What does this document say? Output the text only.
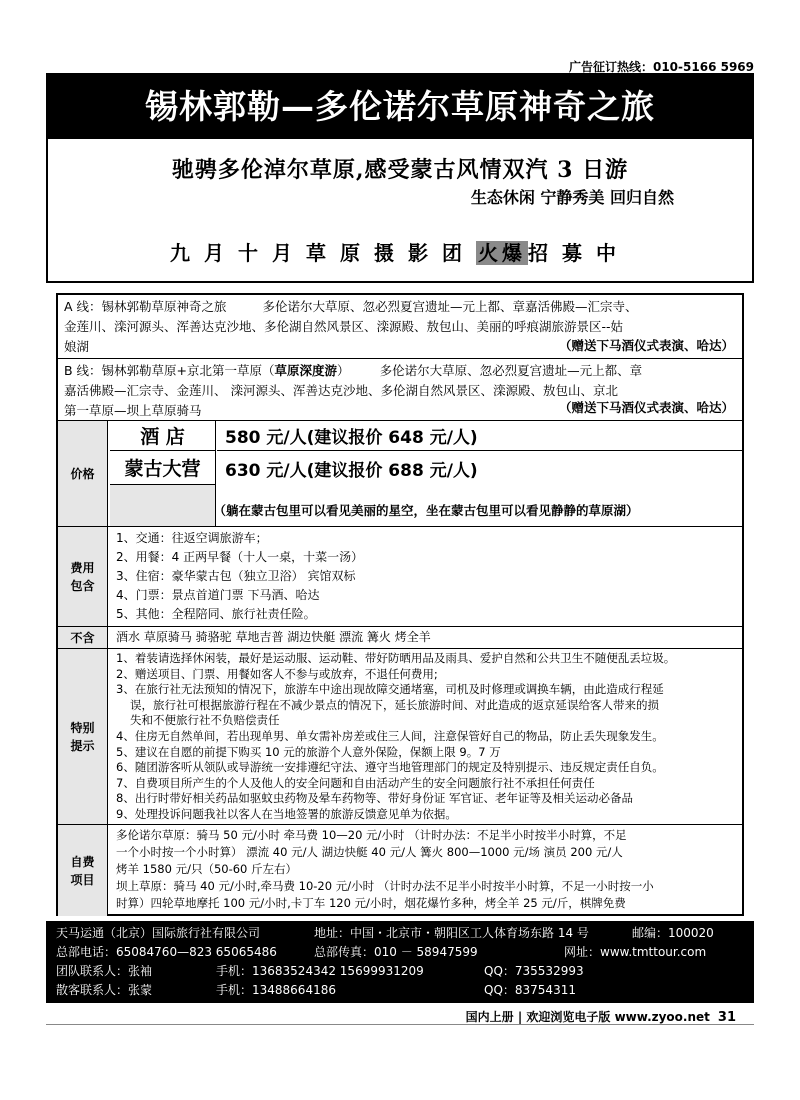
广告征订热线：010-5166 5969
锡林郭勒—多伦诺尔草原神奇之旅
驰骋多伦淖尔草原,感受蒙古风情双汽 3 日游
生态休闲 宁静秀美 回归自然
九月十月草原摄影团 火爆 招募中
A 线：锡林郭勒草原神奇之旅	多伦诺尔大草原、忽必烈夏宫遗址—元上都、章嘉活佛殿—汇宗寺、
金莲川、滦河源头、浑善达克沙地、多伦湖自然风景区、滦源殿、敖包山、美丽的呼痕湖旅游景区--姑
娘湖	（赠送下马酒仪式表演、哈达）
B 线：锡林郭勒草原+京北第一草原（草原深度游） 多伦诺尔大草原、忽必烈夏宫遗址—元上都、章
嘉活佛殿—汇宗寺、金莲川、 滦河源头、浑善达克沙地、多伦湖自然风景区、滦源殿、敖包山、京北
第一草原—坝上草原骑马	（赠送下马酒仪式表演、哈达）
价格
酒 店	580 元/人(建议报价 648 元/人)
蒙古大营	630 元/人(建议报价 688 元/人)
（躺在蒙古包里可以看见美丽的星空，坐在蒙古包里可以看见静静的草原湖）
费用
包含

1、交通：往返空调旅游车；

2、用餐：4 正两早餐（十人一桌，十菜一汤）

3、住宿：豪华蒙古包（独立卫浴） 宾馆双标

4、门票：景点首道门票 下马酒、哈达

5、其他：全程陪同、旅行社责任险。

不含	酒水 草原骑马 骑骆驼 草地吉普 湖边快艇 漂流 篝火 烤全羊
特别
提示

1、着装请选择休闲装，最好是运动服、运动鞋、带好防晒用品及雨具、爱护自然和公共卫生不随便乱丢垃圾。

2、赠送项目、门票、用餐如客人不参与或放弃，不退任何费用;

3、在旅行社无法预知的情况下，旅游车中途出现故障交通堵塞，司机及时修理或调换车辆，由此造成行程延

误，旅行社可根据旅游行程在不减少景点的情况下，延长旅游时间、对此造成的返京延误给客人带来的损

失和不便旅行社不负赔偿责任

4、住房无自然单间，若出现单男、单女需补房差或住三人间，注意保管好自己的物品，防止丢失现象发生。

5、建议在自愿的前提下购买 10 元的旅游个人意外保险，保额上限 9。7 万

6、随团游客听从领队或导游统一安排遵纪守法、遵守当地管理部门的规定及特别提示、违反规定责任自负。

7、自费项目所产生的个人及他人的安全问题和自由活动产生的安全问题旅行社不承担任何责任

8、出行时带好相关药品如驱蚊虫药物及晕车药物等、带好身份证 军官证、老年证等及相关运动必备品

9、处理投诉问题我社以客人在当地签署的旅游反馈意见单为依据。

自费
项目

多伦诺尔草原：骑马 50 元/小时 牵马费 10—20 元/小时 （计时办法：不足半小时按半小时算，不足

一个小时按一个小时算） 漂流 40 元/人 湖边快艇 40 元/人 篝火 800—1000 元/场 演员 200 元/人

烤羊 1580 元/只（50-60 斤左右）

坝上草原：骑马 40 元/小时,牵马费 10-20 元/小时 （计时办法不足半小时按半小时算，不足一小时按一小

时算）四轮草地摩托 100 元/小时,卡丁车 120 元/小时，烟花爆竹多种，烤全羊 25 元/斤，棋牌免费

天马运通（北京）国际旅行社有限公司	地址：中国・北京市・朝阳区工人体育场东路 14 号	邮编：100020
总部电话：65084760—823 65065486	总部传真：010 － 58947599	网址：www.tmttour.com
团队联系人：张袖	手机：13683524342 15699931209	QQ：735532993
散客联系人：张蒙	手机：13488664186	QQ：83754311
国内上册 | 欢迎浏览电子版 www.zyoo.net 31
